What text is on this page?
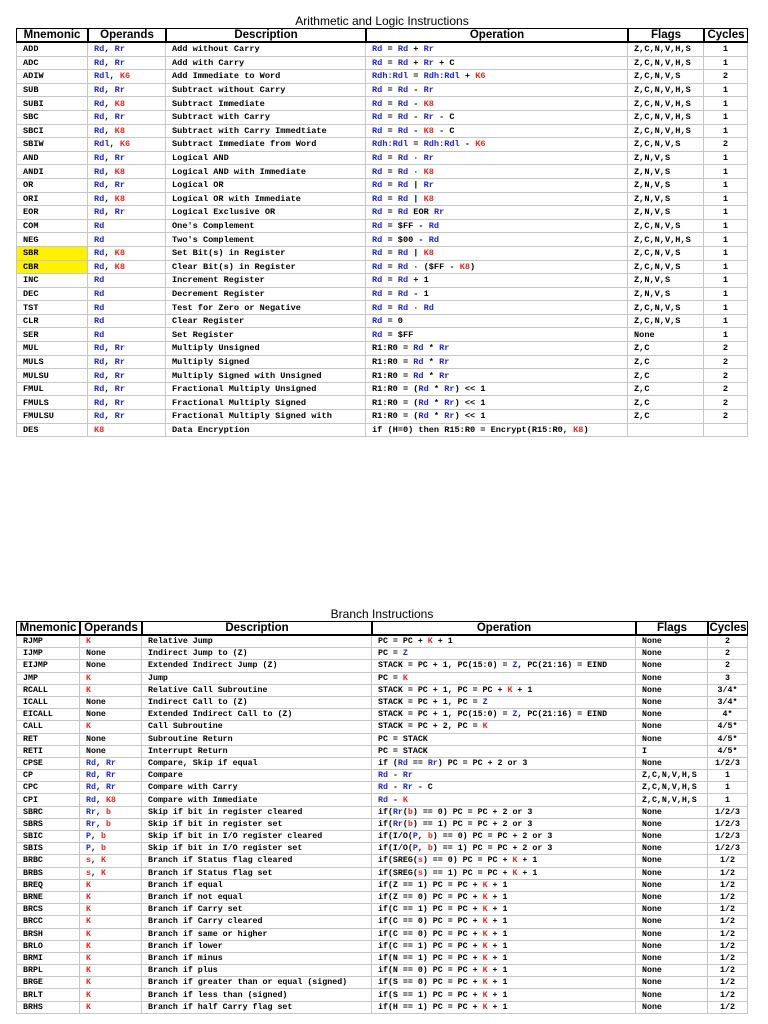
Arithmetic and Logic Instructions
Mnemonic	Operands	Description	Operation	Flags	Cycles
ADD	Rd, Rr	Add without Carry	Rd = Rd + Rr	Z,C,N,V,H,S	1
ADC	Rd, Rr	Add with Carry	Rd = Rd + Rr + C	Z,C,N,V,H,S	1
ADIW	Rdl, K6	Add Immediate to Word	Rdh:Rdl = Rdh:Rdl + K6	Z,C,N,V,S	2
SUB	Rd, Rr	Subtract without Carry	Rd = Rd - Rr	Z,C,N,V,H,S	1
SUBI	Rd, K8	Subtract Immediate	Rd = Rd - K8	Z,C,N,V,H,S	1
SBC	Rd, Rr	Subtract with Carry	Rd = Rd - Rr - C	Z,C,N,V,H,S	1
SBCI	Rd, K8	Subtract with Carry Immedtiate	Rd = Rd - K8 - C	Z,C,N,V,H,S	1
SBIW	Rdl, K6	Subtract Immediate from Word	Rdh:Rdl = Rdh:Rdl - K6	Z,C,N,V,S	2
AND	Rd, Rr	Logical AND	Rd = Rd · Rr	Z,N,V,S	1
ANDI	Rd, K8	Logical AND with Immediate	Rd = Rd · K8	Z,N,V,S	1
OR	Rd, Rr	Logical OR	Rd = Rd | Rr	Z,N,V,S	1
ORI	Rd, K8	Logical OR with Immediate	Rd = Rd | K8	Z,N,V,S	1
EOR	Rd, Rr	Logical Exclusive OR	Rd = Rd EOR Rr	Z,N,V,S	1
COM	Rd	One's Complement	Rd = $FF - Rd	Z,C,N,V,S	1
NEG	Rd	Two's Complement	Rd = $00 - Rd	Z,C,N,V,H,S	1
SBR	Rd, K8	Set Bit(s) in Register	Rd = Rd | K8	Z,C,N,V,S	1
CBR	Rd, K8	Clear Bit(s) in Register	Rd = Rd · ($FF - K8)	Z,C,N,V,S	1
INC	Rd	Increment Register	Rd = Rd + 1	Z,N,V,S	1
DEC	Rd	Decrement Register	Rd = Rd - 1	Z,N,V,S	1
TST	Rd	Test for Zero or Negative	Rd = Rd · Rd	Z,C,N,V,S	1
CLR	Rd	Clear Register	Rd = 0	Z,C,N,V,S	1
SER	Rd	Set Register	Rd = $FF	None	1
MUL	Rd, Rr	Multiply Unsigned	R1:R0 = Rd * Rr	Z,C	2
MULS	Rd, Rr	Multiply Signed	R1:R0 = Rd * Rr	Z,C	2
MULSU	Rd, Rr	Multiply Signed with Unsigned	R1:R0 = Rd * Rr	Z,C	2
FMUL	Rd, Rr	Fractional Multiply Unsigned	R1:R0 = (Rd * Rr) << 1	Z,C	2
FMULS	Rd, Rr	Fractional Multiply Signed	R1:R0 = (Rd * Rr) << 1	Z,C	2
FMULSU	Rd, Rr	Fractional Multiply Signed with	R1:R0 = (Rd * Rr) << 1	Z,C	2
DES	K8	Data Encryption	if (H=0) then R15:R0 = Encrypt(R15:R0, K8)		
Branch Instructions
Mnemonic	Operands	Description	Operation	Flags	Cycles
RJMP	K	Relative Jump	PC = PC + K + 1	None	2
IJMP	None	Indirect Jump to (Z)	PC = Z	None	2
EIJMP	None	Extended Indirect Jump (Z)	STACK = PC + 1, PC(15:0) = Z, PC(21:16) = EIND	None	2
JMP	K	Jump	PC = K	None	3
RCALL	K	Relative Call Subroutine	STACK = PC + 1, PC = PC + K + 1	None	3/4*
ICALL	None	Indirect Call to (Z)	STACK = PC + 1, PC = Z	None	3/4*
EICALL	None	Extended Indirect Call to (Z)	STACK = PC + 1, PC(15:0) = Z, PC(21:16) = EIND	None	4*
CALL	K	Call Subroutine	STACK = PC + 2, PC = K	None	4/5*
RET	None	Subroutine Return	PC = STACK	None	4/5*
RETI	None	Interrupt Return	PC = STACK	I	4/5*
CPSE	Rd, Rr	Compare, Skip if equal	if (Rd == Rr) PC = PC + 2 or 3	None	1/2/3
CP	Rd, Rr	Compare	Rd - Rr	Z,C,N,V,H,S	1
CPC	Rd, Rr	Compare with Carry	Rd - Rr - C	Z,C,N,V,H,S	1
CPI	Rd, K8	Compare with Immediate	Rd - K	Z,C,N,V,H,S	1
SBRC	Rr, b	Skip if bit in register cleared	if(Rr(b) == 0) PC = PC + 2 or 3	None	1/2/3
SBRS	Rr, b	Skip if bit in register set	if(Rr(b) == 1) PC = PC + 2 or 3	None	1/2/3
SBIC	P, b	Skip if bit in I/O register cleared	if(I/O(P, b) == 0) PC = PC + 2 or 3	None	1/2/3
SBIS	P, b	Skip if bit in I/O register set	if(I/O(P, b) == 1) PC = PC + 2 or 3	None	1/2/3
BRBC	s, K	Branch if Status flag cleared	if(SREG(s) == 0) PC = PC + K + 1	None	1/2
BRBS	s, K	Branch if Status flag set	if(SREG(s) == 1) PC = PC + K + 1	None	1/2
BREQ	K	Branch if equal	if(Z == 1) PC = PC + K + 1	None	1/2
BRNE	K	Branch if not equal	if(Z == 0) PC = PC + K + 1	None	1/2
BRCS	K	Branch if Carry set	if(C == 1) PC = PC + K + 1	None	1/2
BRCC	K	Branch if Carry cleared	if(C == 0) PC = PC + K + 1	None	1/2
BRSH	K	Branch if same or higher	if(C == 0) PC = PC + K + 1	None	1/2
BRLO	K	Branch if lower	if(C == 1) PC = PC + K + 1	None	1/2
BRMI	K	Branch if minus	if(N == 1) PC = PC + K + 1	None	1/2
BRPL	K	Branch if plus	if(N == 0) PC = PC + K + 1	None	1/2
BRGE	K	Branch if greater than or equal (signed)	if(S == 0) PC = PC + K + 1	None	1/2
BRLT	K	Branch if less than (signed)	if(S == 1) PC = PC + K + 1	None	1/2
BRHS	K	Branch if half Carry flag set	if(H == 1) PC = PC + K + 1	None	1/2
